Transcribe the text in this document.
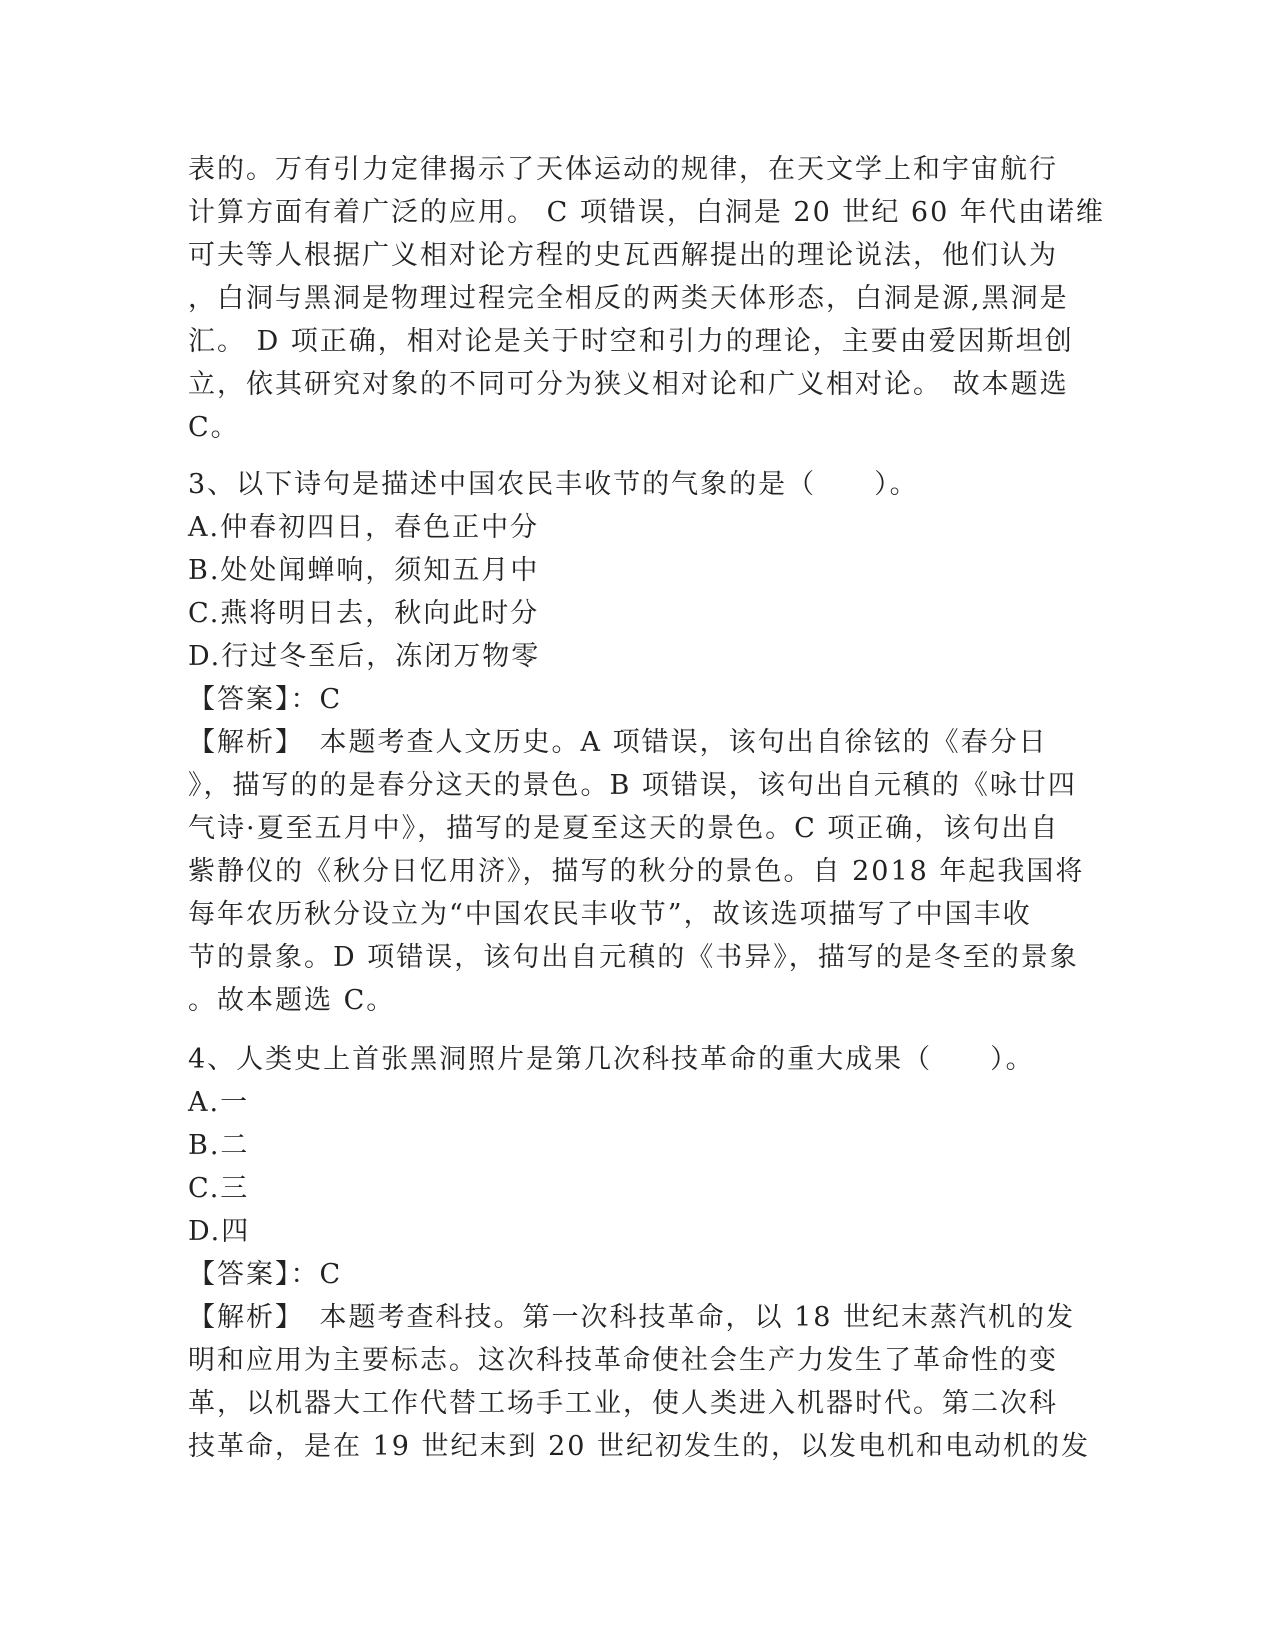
表的。万有引力定律揭示了天体运动的规律，在天文学上和宇宙航行
计算方面有着广泛的应用。 C 项错误，白洞是 20 世纪 60 年代由诺维
可夫等人根据广义相对论方程的史瓦西解提出的理论说法，他们认为
，白洞与黑洞是物理过程完全相反的两类天体形态，白洞是源,黑洞是
汇。 D 项正确，相对论是关于时空和引力的理论，主要由爱因斯坦创
立，依其研究对象的不同可分为狭义相对论和广义相对论。 故本题选
C。
3、以下诗句是描述中国农民丰收节的气象的是（　　）。
A.仲春初四日，春色正中分
B.处处闻蝉响，须知五月中
C.燕将明日去，秋向此时分
D.行过冬至后，冻闭万物零
【答案】：C
【解析】　本题考查人文历史。A 项错误，该句出自徐铉的《春分日
》，描写的的是春分这天的景色。B 项错误，该句出自元稹的《咏廿四
气诗·夏至五月中》，描写的是夏至这天的景色。C 项正确，该句出自
紫静仪的《秋分日忆用济》，描写的秋分的景色。自 2018 年起我国将
每年农历秋分设立为“中国农民丰收节”，故该选项描写了中国丰收
节的景象。D 项错误，该句出自元稹的《书异》，描写的是冬至的景象
。故本题选 C。
4、人类史上首张黑洞照片是第几次科技革命的重大成果（　　）。
A.一
B.二
C.三
D.四
【答案】：C
【解析】　本题考查科技。第一次科技革命，以 18 世纪末蒸汽机的发
明和应用为主要标志。这次科技革命使社会生产力发生了革命性的变
革，以机器大工作代替工场手工业，使人类进入机器时代。第二次科
技革命，是在 19 世纪末到 20 世纪初发生的，以发电机和电动机的发
